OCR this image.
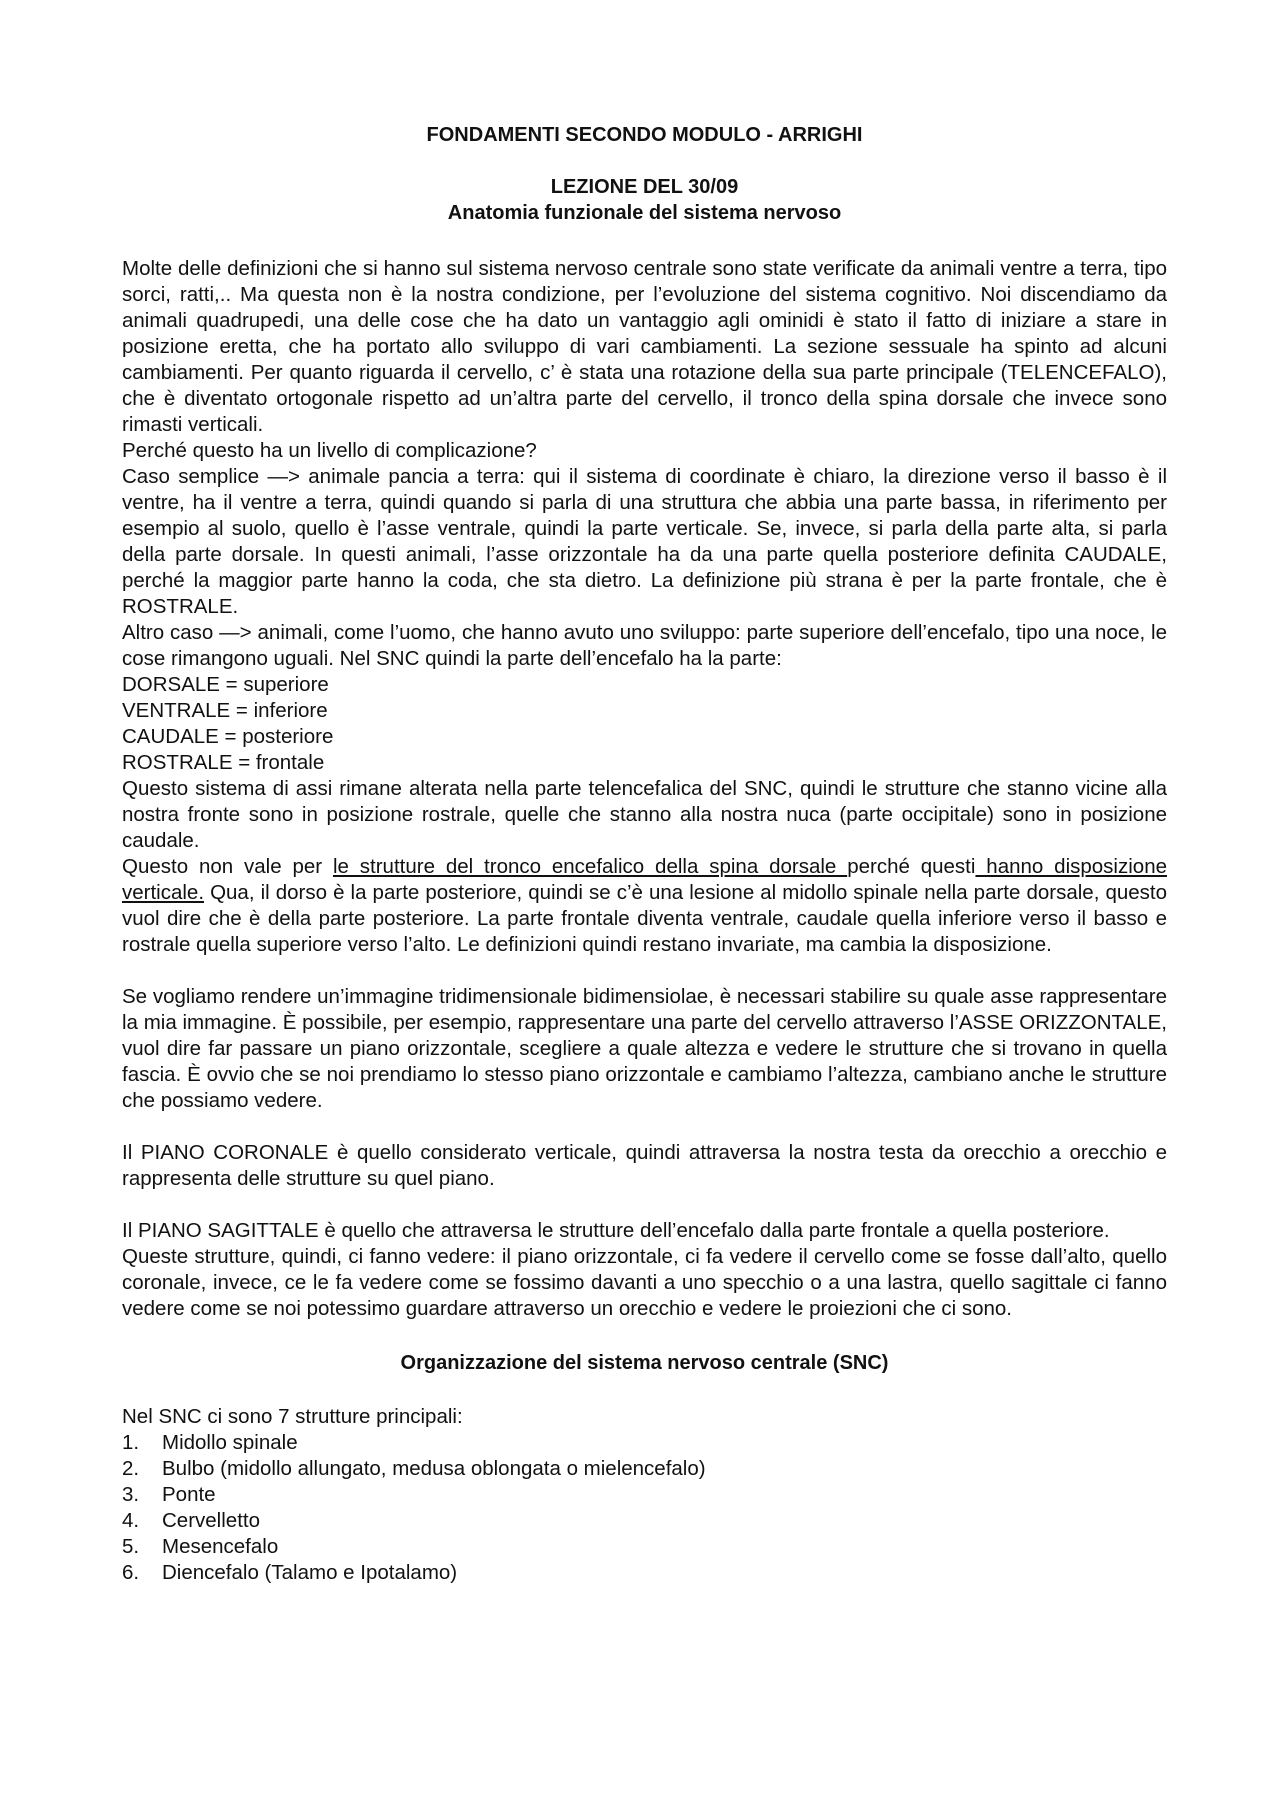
FONDAMENTI SECONDO MODULO - ARRIGHI
LEZIONE DEL 30/09
Anatomia funzionale del sistema nervoso

Molte delle definizioni che si hanno sul sistema nervoso centrale sono state verificate da animali ventre a terra, tipo sorci, ratti,.. Ma questa non è la nostra condizione, per l’evoluzione del sistema cognitivo. Noi discendiamo da animali quadrupedi, una delle cose che ha dato un vantaggio agli ominidi è stato il fatto di iniziare a stare in posizione eretta, che ha portato allo sviluppo di vari cambiamenti. La sezione sessuale ha spinto ad alcuni cambiamenti. Per quanto riguarda il cervello, c’ è stata una rotazione della sua parte principale (TELENCEFALO), che è diventato ortogonale rispetto ad un’altra parte del cervello, il tronco della spina dorsale che invece sono rimasti verticali.

Perché questo ha un livello di complicazione?

Caso semplice —> animale pancia a terra: qui il sistema di coordinate è chiaro, la direzione verso il basso è il ventre, ha il ventre a terra, quindi quando si parla di una struttura che abbia una parte bassa, in riferimento per esempio al suolo, quello è l’asse ventrale, quindi la parte verticale. Se, invece, si parla della parte alta, si parla della parte dorsale. In questi animali, l’asse orizzontale ha da una parte quella posteriore definita CAUDALE, perché la maggior parte hanno la coda, che sta dietro. La definizione più strana è per la parte frontale, che è ROSTRALE.

Altro caso —> animali, come l’uomo, che hanno avuto uno sviluppo: parte superiore dell’encefalo, tipo una noce, le cose rimangono uguali. Nel SNC quindi la parte dell’encefalo ha la parte:

DORSALE = superiore

VENTRALE = inferiore

CAUDALE = posteriore

ROSTRALE = frontale

Questo sistema di assi rimane alterata nella parte telencefalica del SNC, quindi le strutture che stanno vicine alla nostra fronte sono in posizione rostrale, quelle che stanno alla nostra nuca (parte occipitale) sono in posizione caudale.

Questo non vale per le strutture del tronco encefalico della spina dorsale perché questi hanno disposizione verticale. Qua, il dorso è la parte posteriore, quindi se c’è una lesione al midollo spinale nella parte dorsale, questo vuol dire che è della parte posteriore. La parte frontale diventa ventrale, caudale quella inferiore verso il basso e rostrale quella superiore verso l’alto. Le definizioni quindi restano invariate, ma cambia la disposizione.

Se vogliamo rendere un’immagine tridimensionale bidimensiolae, è necessari stabilire su quale asse rappresentare la mia immagine. È possibile, per esempio, rappresentare una parte del cervello attraverso l’ASSE ORIZZONTALE, vuol dire far passare un piano orizzontale, scegliere a quale altezza e vedere le strutture che si trovano in quella fascia. È ovvio che se noi prendiamo lo stesso piano orizzontale e cambiamo l’altezza, cambiano anche le strutture che possiamo vedere.

Il PIANO CORONALE è quello considerato verticale, quindi attraversa la nostra testa da orecchio a orecchio e rappresenta delle strutture su quel piano.

Il PIANO SAGITTALE è quello che attraversa le strutture dell’encefalo dalla parte frontale a quella posteriore.

Queste strutture, quindi, ci fanno vedere: il piano orizzontale, ci fa vedere il cervello come se fosse dall’alto, quello coronale, invece, ce le fa vedere come se fossimo davanti a uno specchio o a una lastra, quello sagittale ci fanno vedere come se noi potessimo guardare attraverso un orecchio e vedere le proiezioni che ci sono.

Organizzazione del sistema nervoso centrale (SNC)

Nel SNC ci sono 7 strutture principali:

1.	Midollo spinale
2.	Bulbo (midollo allungato, medusa oblongata o mielencefalo)
3.	Ponte
4.	Cervelletto
5.	Mesencefalo
6.	Diencefalo (Talamo e Ipotalamo)
